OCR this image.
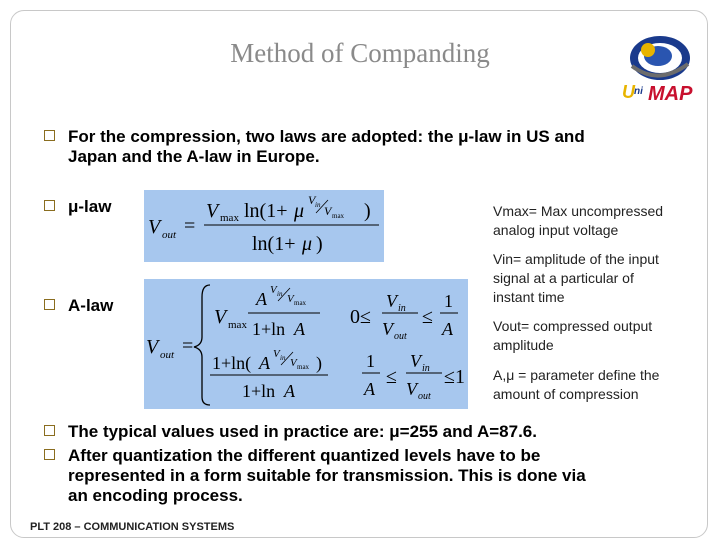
Method of Companding
U ni MAP
For the compression, two laws are adopted: the μ-law in US and
Japan and the A-law in Europe.
μ-law
V out =
V max ln(1+ μ V in V max )
ln(1+ μ )
A-law
V out =
A V in V max
V max 1+ln A
0≤
V in
V out
≤
1
A
1+ln( A V in V max )
1+ln A
1
A
≤
V in
V out
≤1
Vmax= Max uncompressed
analog input voltage
Vin= amplitude of the input
signal at a particular of
instant time
Vout= compressed output
amplitude
A,μ = parameter define the
amount of compression
The typical values used in practice are: μ=255 and A=87.6.
After quantization the different quantized levels have to be
represented in a form suitable for transmission. This is done via
an encoding process.
PLT 208 – COMMUNICATION SYSTEMS
